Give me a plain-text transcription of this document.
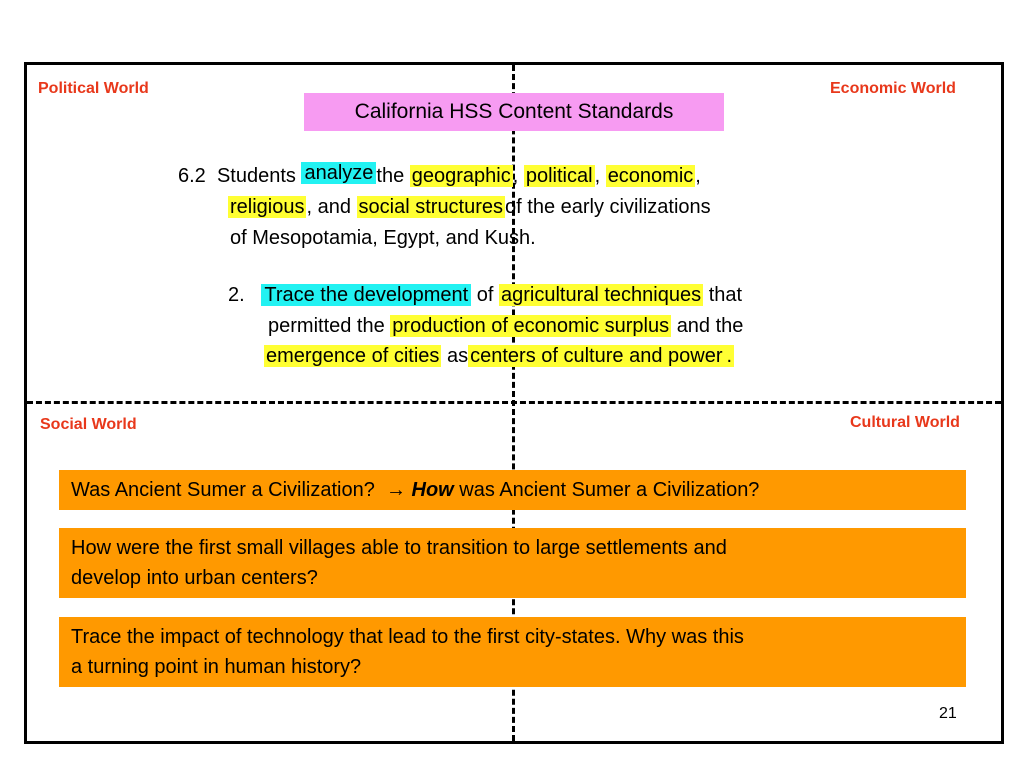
Political World	Economic World
Social World	Cultural World
California HSS Content Standards
6.2 Students analyze the geographic , political , economic ,
religious , and social structures of the early civilizations
of Mesopotamia, Egypt, and Kush.
2. Trace the development of agricultural techniques that
permitted the production of economic surplus and the
emergence of cities as centers of culture and power .
Was Ancient Sumer a Civilization? → How was Ancient Sumer a Civilization?
How were the first small villages able to transition to large settlements and
develop into urban centers?
Trace the impact of technology that lead to the first city-states. Why was this
a turning point in human history?
21
